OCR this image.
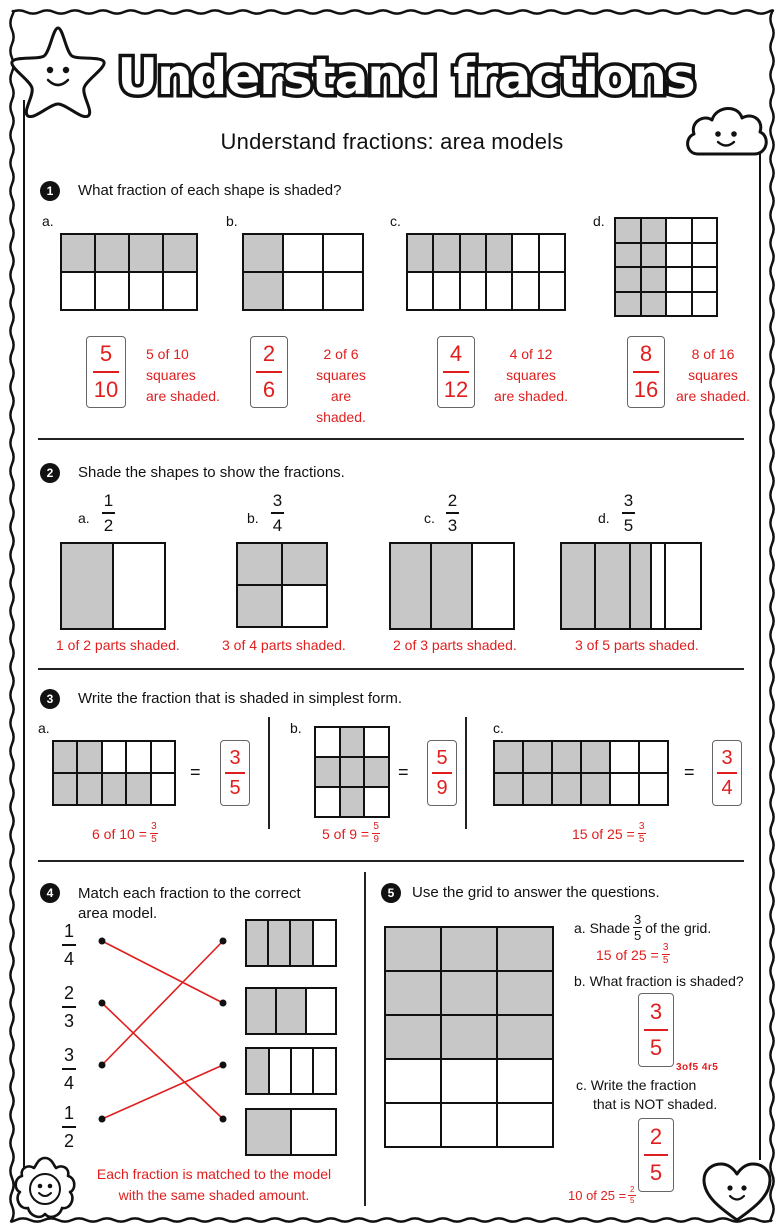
Understand fractions
Understand fractions: area models
1	What fraction of each shape is shaded?
a.
5
10
5 of 10
squares
are shaded.
b.
2
6
2 of 6
squares
are shaded.
c.
4
12
4 of 12
squares
are shaded.
d.
8
16
8 of 16
squares
are shaded.
2	Shade the shapes to show the fractions.
a.
1
2	b.
3
4	c.
2
3	d.
3
5
1 of 2 parts shaded.	3 of 4 parts shaded.	2 of 3 parts shaded.	3 of 5 parts shaded.
3	Write the fraction that is shaded in simplest form.
a.
=
3
5
6 of 10 = 3
5
b.
=
5
9
5 of 9 = 5
9
c.
=
3
4
15 of 25 = 3
5
4	Match each fraction to the correct
area model.
1
4
2
3
3
4
1
2
Each fraction is matched to the model
with the same shaded amount.
5	Use the grid to answer the questions.
a. Shade 3
5 of the grid.
15 of 25 = 3
5
b. What fraction is shaded?
3
5
3of5 4r5
c. Write the fraction
that is NOT shaded.
2
5
10 of 25 = 2
5
